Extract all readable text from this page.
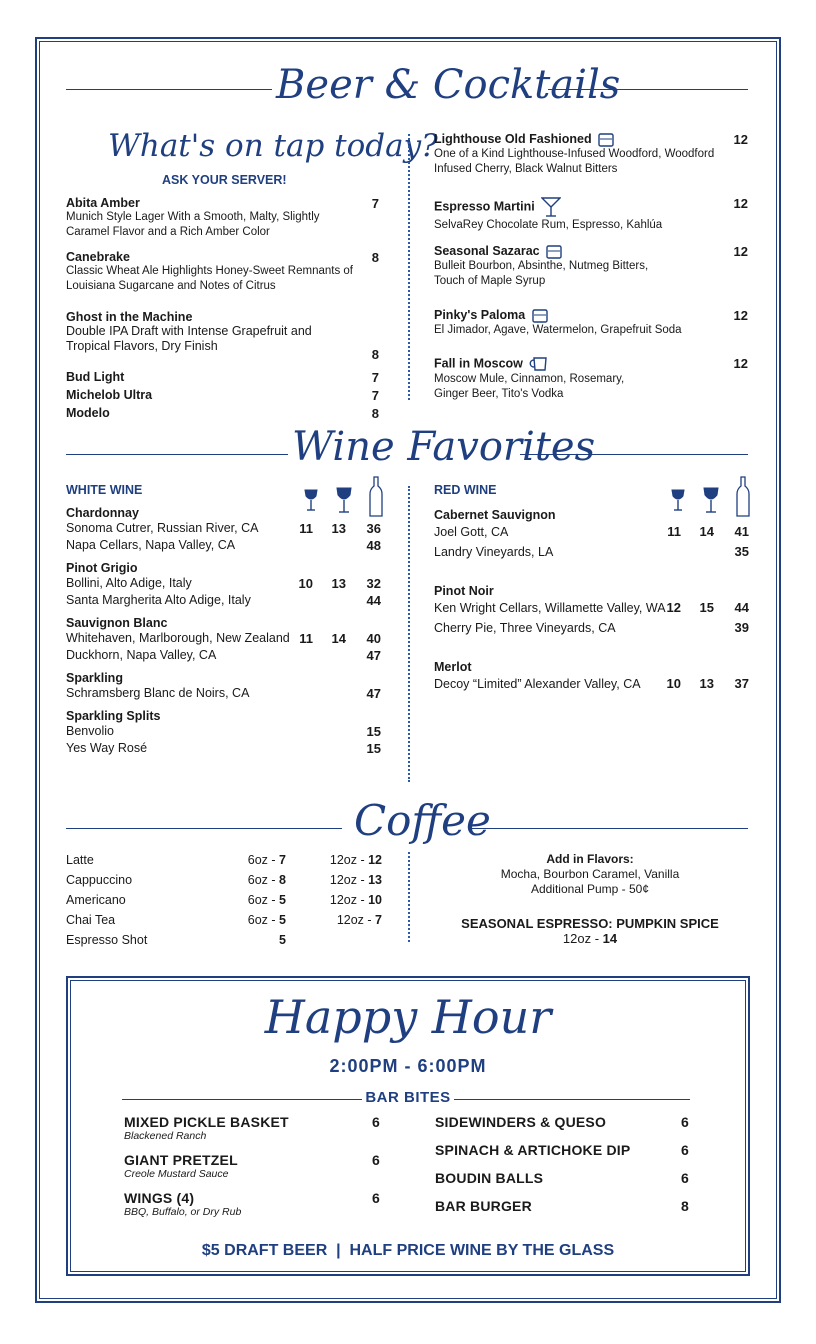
Beer & Cocktails
What's on tap today?
ASK YOUR SERVER!
Abita Amber
Munich Style Lager With a Smooth, Malty, Slightly Caramel Flavor and a Rich Amber Color
7
Canebrake
Classic Wheat Ale Highlights Honey-Sweet Remnants of Louisiana Sugarcane and Notes of Citrus
8
Ghost in the Machine
Double IPA Draft with Intense Grapefruit and Tropical Flavors, Dry Finish
8
Bud Light	7
Michelob Ultra	7
Modelo	8
Lighthouse Old Fashioned
One of a Kind Lighthouse-Infused Woodford, Woodford Infused Cherry, Black Walnut Bitters
12
Espresso Martini
SelvaRey Chocolate Rum, Espresso, Kahlúa
12
Seasonal Sazarac
Bulleit Bourbon, Absinthe, Nutmeg Bitters, Touch of Maple Syrup
12
Pinky's Paloma
El Jimador, Agave, Watermelon, Grapefruit Soda
12
Fall in Moscow
Moscow Mule, Cinnamon, Rosemary, Ginger Beer, Tito's Vodka
12
Wine Favorites
WHITE WINE
Chardonnay
Sonoma Cutrer, Russian River, CA	11	13	36
Napa Cellars, Napa Valley, CA	48
Pinot Grigio
Bollini, Alto Adige, Italy	10	13	32
Santa Margherita Alto Adige, Italy	44
Sauvignon Blanc
Whitehaven, Marlborough, New Zealand 11	14	40
Duckhorn, Napa Valley, CA	47
Sparkling
Schramsberg Blanc de Noirs, CA	47
Sparkling Splits
Benvolio	15
Yes Way Rosé	15
RED WINE
Cabernet Sauvignon
Joel Gott, CA	11	14	41
Landry Vineyards, LA	35
Pinot Noir
Ken Wright Cellars, Willamette Valley, WA 12	15	44
Cherry Pie, Three Vineyards, CA	39
Merlot
Decoy “Limited” Alexander Valley, CA	10	13	37
Coffee
Latte	6oz - 7	12oz - 12
Cappuccino	6oz - 8	12oz - 13
Americano	6oz - 5	12oz - 10
Chai Tea	6oz - 5	12oz - 7
Espresso Shot	5
Add in Flavors:
Mocha, Bourbon Caramel, Vanilla
Additional Pump - 50¢
SEASONAL ESPRESSO: PUMPKIN SPICE
12oz - 14
Happy Hour
2:00PM - 6:00PM
BAR BITES
MIXED PICKLE BASKET
Blackened Ranch
6
GIANT PRETZEL
Creole Mustard Sauce
6
WINGS (4)
BBQ, Buffalo, or Dry Rub
6
SIDEWINDERS & QUESO	6
SPINACH & ARTICHOKE DIP	6
BOUDIN BALLS	6
BAR BURGER	8
$5 DRAFT BEER  |  HALF PRICE WINE BY THE GLASS
